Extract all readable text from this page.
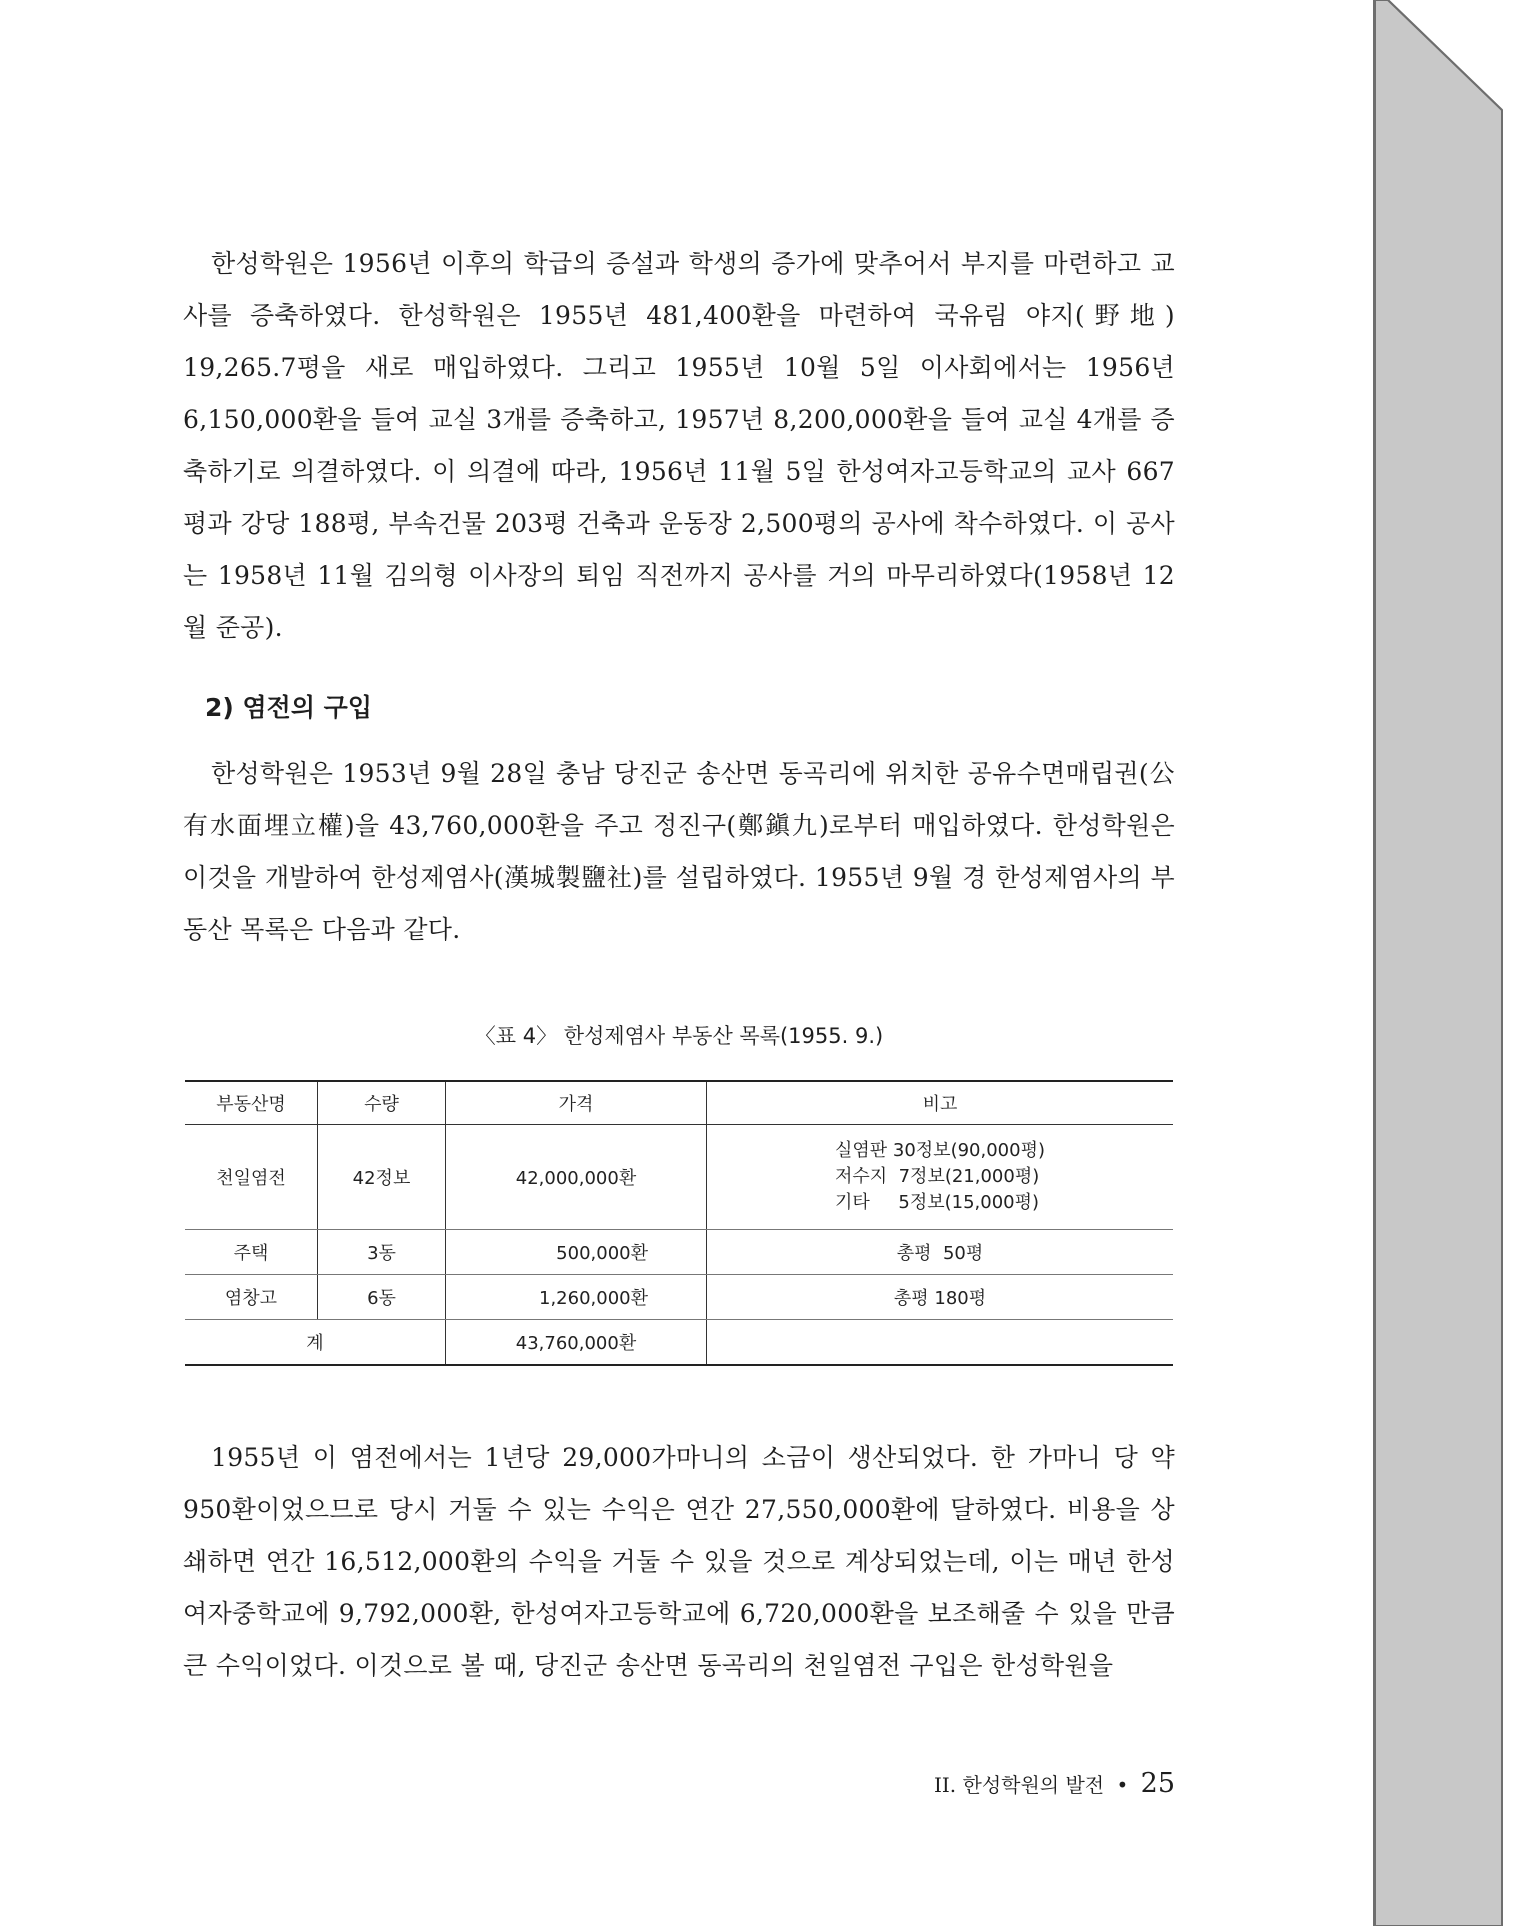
한성학원은 1956년 이후의 학급의 증설과 학생의 증가에 맞추어서 부지를 마련하고 교사를 증축하였다. 한성학원은 1955년 481,400환을 마련하여 국유림 야지(野地) 19,265.7평을 새로 매입하였다. 그리고 1955년 10월 5일 이사회에서는 1956년 6,150,000환을 들여 교실 3개를 증축하고, 1957년 8,200,000환을 들여 교실 4개를 증축하기로 의결하였다. 이 의결에 따라, 1956년 11월 5일 한성여자고등학교의 교사 667평과 강당 188평, 부속건물 203평 건축과 운동장 2,500평의 공사에 착수하였다. 이 공사는 1958년 11월 김의형 이사장의 퇴임 직전까지 공사를 거의 마무리하였다(1958년 12월 준공).

2) 염전의 구입

한성학원은 1953년 9월 28일 충남 당진군 송산면 동곡리에 위치한 공유수면매립권(公有水面埋立權)을 43,760,000환을 주고 정진구(鄭鎭九)로부터 매입하였다. 한성학원은 이것을 개발하여 한성제염사(漢城製鹽社)를 설립하였다. 1955년 9월 경 한성제염사의 부동산 목록은 다음과 같다.

〈표 4〉 한성제염사 부동산 목록(1955. 9.)
부동산명	수량	가격	비고
천일염전	42정보	42,000,000환	실염판 30정보(90,000평)
저수지  7정보(21,000평)
기타     5정보(15,000평)

주택	3동	500,000환	총평  50평
염창고	6동	1,260,000환	총평 180평
계		43,760,000환	

1955년 이 염전에서는 1년당 29,000가마니의 소금이 생산되었다. 한 가마니 당 약 950환이었으므로 당시 거둘 수 있는 수익은 연간 27,550,000환에 달하였다. 비용을 상쇄하면 연간 16,512,000환의 수익을 거둘 수 있을 것으로 계상되었는데, 이는 매년 한성여자중학교에 9,792,000환, 한성여자고등학교에 6,720,000환을 보조해줄 수 있을 만큼 큰 수익이었다. 이것으로 볼 때, 당진군 송산면 동곡리의 천일염전 구입은 한성학원을

II. 한성학원의 발전 • 25
